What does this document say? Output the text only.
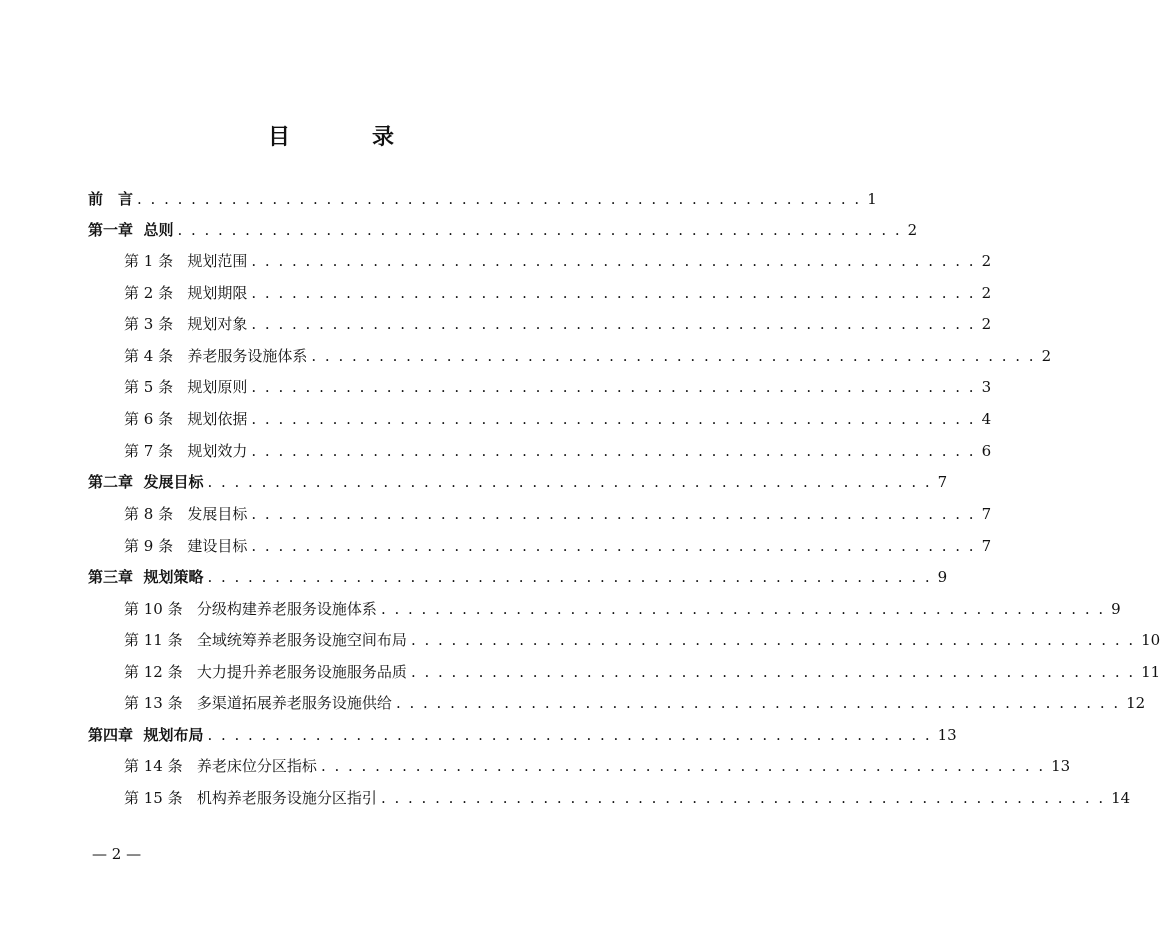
目　录
前　言 . . . . . . . . . . . . . . . . . . . . . . . . . . . . . . . . . . . . . . . . . . . . . . . . . . . . . . 1
第一章  总则 . . . . . . . . . . . . . . . . . . . . . . . . . . . . . . . . . . . . . . . . . . . . . . . . . . . . . . 2
第 1 条   规划范围 . . . . . . . . . . . . . . . . . . . . . . . . . . . . . . . . . . . . . . . . . . . . . . . . . . . . . . 2
第 2 条   规划期限 . . . . . . . . . . . . . . . . . . . . . . . . . . . . . . . . . . . . . . . . . . . . . . . . . . . . . . 2
第 3 条   规划对象 . . . . . . . . . . . . . . . . . . . . . . . . . . . . . . . . . . . . . . . . . . . . . . . . . . . . . . 2
第 4 条   养老服务设施体系 . . . . . . . . . . . . . . . . . . . . . . . . . . . . . . . . . . . . . . . . . . . . . . . . . . . . . . 2
第 5 条   规划原则 . . . . . . . . . . . . . . . . . . . . . . . . . . . . . . . . . . . . . . . . . . . . . . . . . . . . . . 3
第 6 条   规划依据 . . . . . . . . . . . . . . . . . . . . . . . . . . . . . . . . . . . . . . . . . . . . . . . . . . . . . . 4
第 7 条   规划效力 . . . . . . . . . . . . . . . . . . . . . . . . . . . . . . . . . . . . . . . . . . . . . . . . . . . . . . 6
第二章  发展目标 . . . . . . . . . . . . . . . . . . . . . . . . . . . . . . . . . . . . . . . . . . . . . . . . . . . . . . 7
第 8 条   发展目标 . . . . . . . . . . . . . . . . . . . . . . . . . . . . . . . . . . . . . . . . . . . . . . . . . . . . . . 7
第 9 条   建设目标 . . . . . . . . . . . . . . . . . . . . . . . . . . . . . . . . . . . . . . . . . . . . . . . . . . . . . . 7
第三章  规划策略 . . . . . . . . . . . . . . . . . . . . . . . . . . . . . . . . . . . . . . . . . . . . . . . . . . . . . . 9
第 10 条   分级构建养老服务设施体系 . . . . . . . . . . . . . . . . . . . . . . . . . . . . . . . . . . . . . . . . . . . . . . . . . . . . . . 9
第 11 条   全域统筹养老服务设施空间布局 . . . . . . . . . . . . . . . . . . . . . . . . . . . . . . . . . . . . . . . . . . . . . . . . . . . . . . 10
第 12 条   大力提升养老服务设施服务品质 . . . . . . . . . . . . . . . . . . . . . . . . . . . . . . . . . . . . . . . . . . . . . . . . . . . . . . 11
第 13 条   多渠道拓展养老服务设施供给 . . . . . . . . . . . . . . . . . . . . . . . . . . . . . . . . . . . . . . . . . . . . . . . . . . . . . . 12
第四章  规划布局 . . . . . . . . . . . . . . . . . . . . . . . . . . . . . . . . . . . . . . . . . . . . . . . . . . . . . . 13
第 14 条   养老床位分区指标 . . . . . . . . . . . . . . . . . . . . . . . . . . . . . . . . . . . . . . . . . . . . . . . . . . . . . . 13
第 15 条   机构养老服务设施分区指引 . . . . . . . . . . . . . . . . . . . . . . . . . . . . . . . . . . . . . . . . . . . . . . . . . . . . . . 14
— 2 —
